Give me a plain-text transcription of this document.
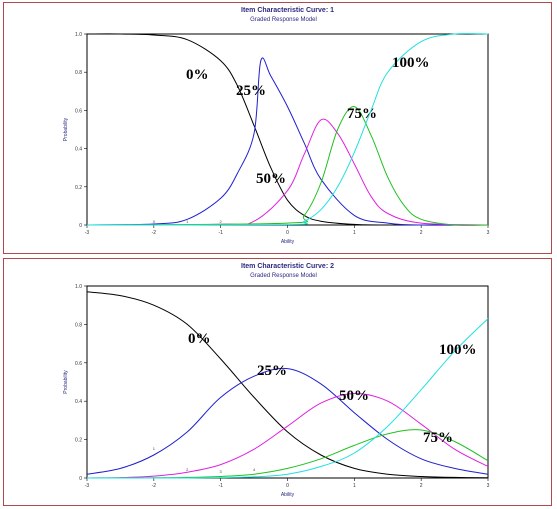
Item Characteristic Curve: 1
Graded Response Model
-3	-2	-1	0	1	2	3
0
0.2
0.4
0.6
0.8
1.0
Ability
Probability
0%
25%
50%
75%
100%
0	1	2
Item Characteristic Curve: 2
Graded Response Model
-3	-2	-1	0	1	2	3
0
0.2
0.4
0.6
0.8
1.0
Ability
Probability
0%
25%
50%
75%
100%
1
2	3	4
